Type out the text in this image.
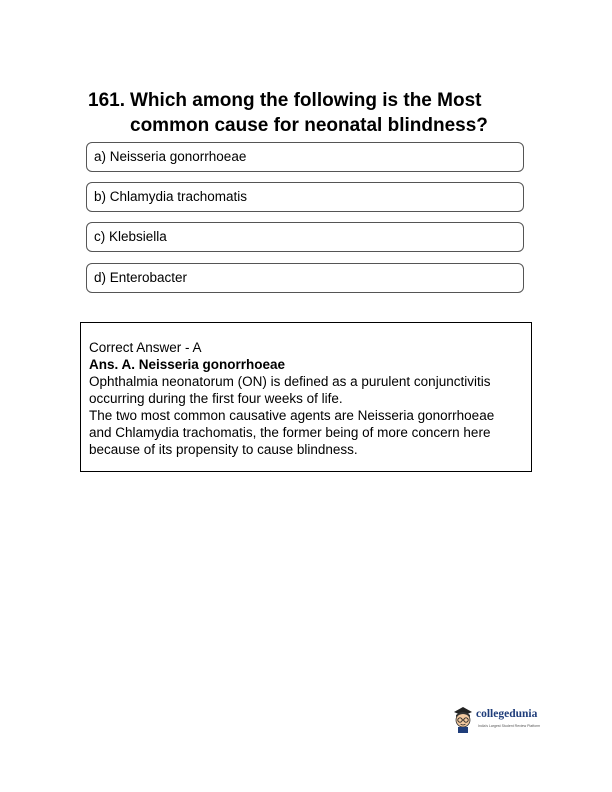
161. Which among the following is the Most
common cause for neonatal blindness?
a) Neisseria gonorrhoeae
b) Chlamydia trachomatis
c) Klebsiella
d) Enterobacter
Correct Answer - A
Ans. A. Neisseria gonorrhoeae
Ophthalmia neonatorum (ON) is defined as a purulent conjunctivitis
occurring during the first four weeks of life.
The two most common causative agents are Neisseria gonorrhoeae
and Chlamydia trachomatis, the former being of more concern here
because of its propensity to cause blindness.
collegedunia
India's Largest Student Review Platform
